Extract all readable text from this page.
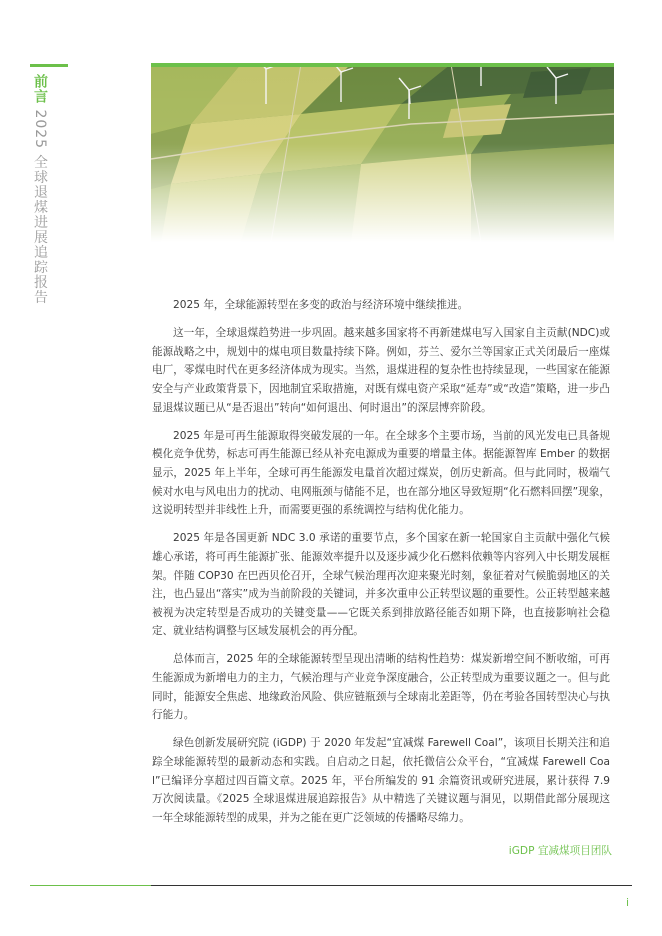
前言 2025 全球退煤进展追踪报告

2025 年，全球能源转型在多变的政治与经济环境中继续推进。

这一年，全球退煤趋势进一步巩固。越来越多国家将不再新建煤电写入国家自主贡献(NDC)或能源战略之中，规划中的煤电项目数量持续下降。例如，芬兰、爱尔兰等国家正式关闭最后一座煤电厂，零煤电时代在更多经济体成为现实。当然，退煤进程的复杂性也持续显现，一些国家在能源安全与产业政策背景下，因地制宜采取措施，对既有煤电资产采取“延寿”或“改造”策略，进一步凸显退煤议题已从“是否退出”转向“如何退出、何时退出”的深层博弈阶段。

2025 年是可再生能源取得突破发展的一年。在全球多个主要市场，当前的风光发电已具备规模化竞争优势，标志可再生能源已经从补充电源成为重要的增量主体。据能源智库 Ember 的数据显示，2025 年上半年，全球可再生能源发电量首次超过煤炭，创历史新高。但与此同时，极端气候对水电与风电出力的扰动、电网瓶颈与储能不足，也在部分地区导致短期“化石燃料回摆”现象，这说明转型并非线性上升，而需要更强的系统调控与结构优化能力。

2025 年是各国更新 NDC 3.0 承诺的重要节点，多个国家在新一轮国家自主贡献中强化气候雄心承诺，将可再生能源扩张、能源效率提升以及逐步减少化石燃料依赖等内容列入中长期发展框架。伴随 COP30 在巴西贝伦召开，全球气候治理再次迎来聚光时刻，象征着对气候脆弱地区的关注，也凸显出“落实”成为当前阶段的关键词，并多次重申公正转型议题的重要性。公正转型越来越被视为决定转型是否成功的关键变量——它既关系到排放路径能否如期下降，也直接影响社会稳定、就业结构调整与区域发展机会的再分配。

总体而言，2025 年的全球能源转型呈现出清晰的结构性趋势：煤炭新增空间不断收缩，可再生能源成为新增电力的主力，气候治理与产业竞争深度融合，公正转型成为重要议题之一。但与此同时，能源安全焦虑、地缘政治风险、供应链瓶颈与全球南北差距等，仍在考验各国转型决心与执行能力。

绿色创新发展研究院 (iGDP) 于 2020 年发起“宜减煤 Farewell Coal”，该项目长期关注和追踪全球能源转型的最新动态和实践。自启动之日起，依托微信公众平台，“宜减煤 Farewell Coal”已编译分享超过四百篇文章。2025 年，平台所编发的 91 余篇资讯或研究进展，累计获得 7.9 万次阅读量。《2025 全球退煤进展追踪报告》从中精选了关键议题与洞见，以期借此部分展现这一年全球能源转型的成果，并为之能在更广泛领域的传播略尽绵力。

iGDP 宜减煤项目团队
i
